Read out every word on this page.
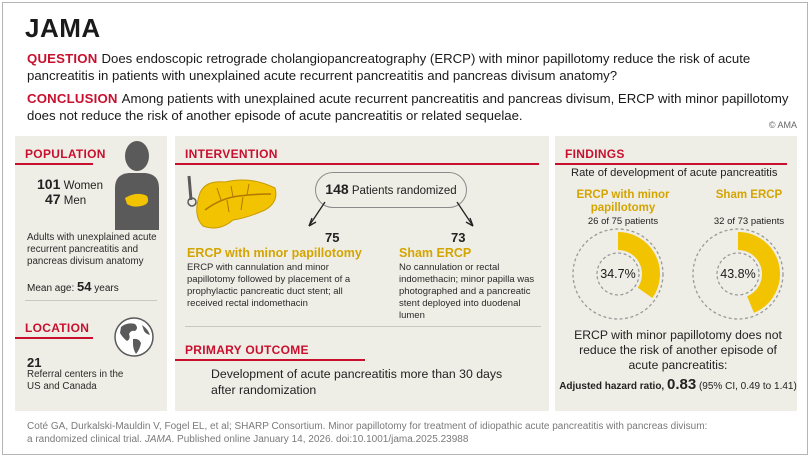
JAMA
QUESTION Does endoscopic retrograde cholangiopancreatography (ERCP) with minor papillotomy reduce the risk of acute pancreatitis in patients with unexplained acute recurrent pancreatitis and pancreas divisum anatomy?
CONCLUSION Among patients with unexplained acute recurrent pancreatitis and pancreas divisum, ERCP with minor papillotomy does not reduce the risk of another episode of acute pancreatitis or related sequelae.
© AMA
POPULATION
101 Women
47 Men
Adults with unexplained acute recurrent pancreatitis and pancreas divisum anatomy
Mean age: 54 years
LOCATION
21
Referral centers in the US and Canada
INTERVENTION
148 Patients randomized
75	73
ERCP with minor papillotomy
ERCP with cannulation and minor papillotomy followed by placement of a prophylactic pancreatic duct stent; all received rectal indomethacin
Sham ERCP
No cannulation or rectal indomethacin; minor papilla was photographed and a pancreatic stent deployed into duodenal lumen
PRIMARY OUTCOME
Development of acute pancreatitis more than 30 days after randomization
FINDINGS
Rate of development of acute pancreatitis
ERCP with minor papillotomy
26 of 75 patients
Sham ERCP
32 of 73 patients
34.7%	43.8%
ERCP with minor papillotomy does not reduce the risk of another episode of acute pancreatitis:
Adjusted hazard ratio, 0.83 (95% CI, 0.49 to 1.41)
Coté GA, Durkalski-Mauldin V, Fogel EL, et al; SHARP Consortium. Minor papillotomy for treatment of idiopathic acute pancreatitis with pancreas divisum:
a randomized clinical trial. JAMA. Published online January 14, 2026. doi:10.1001/jama.2025.23988
